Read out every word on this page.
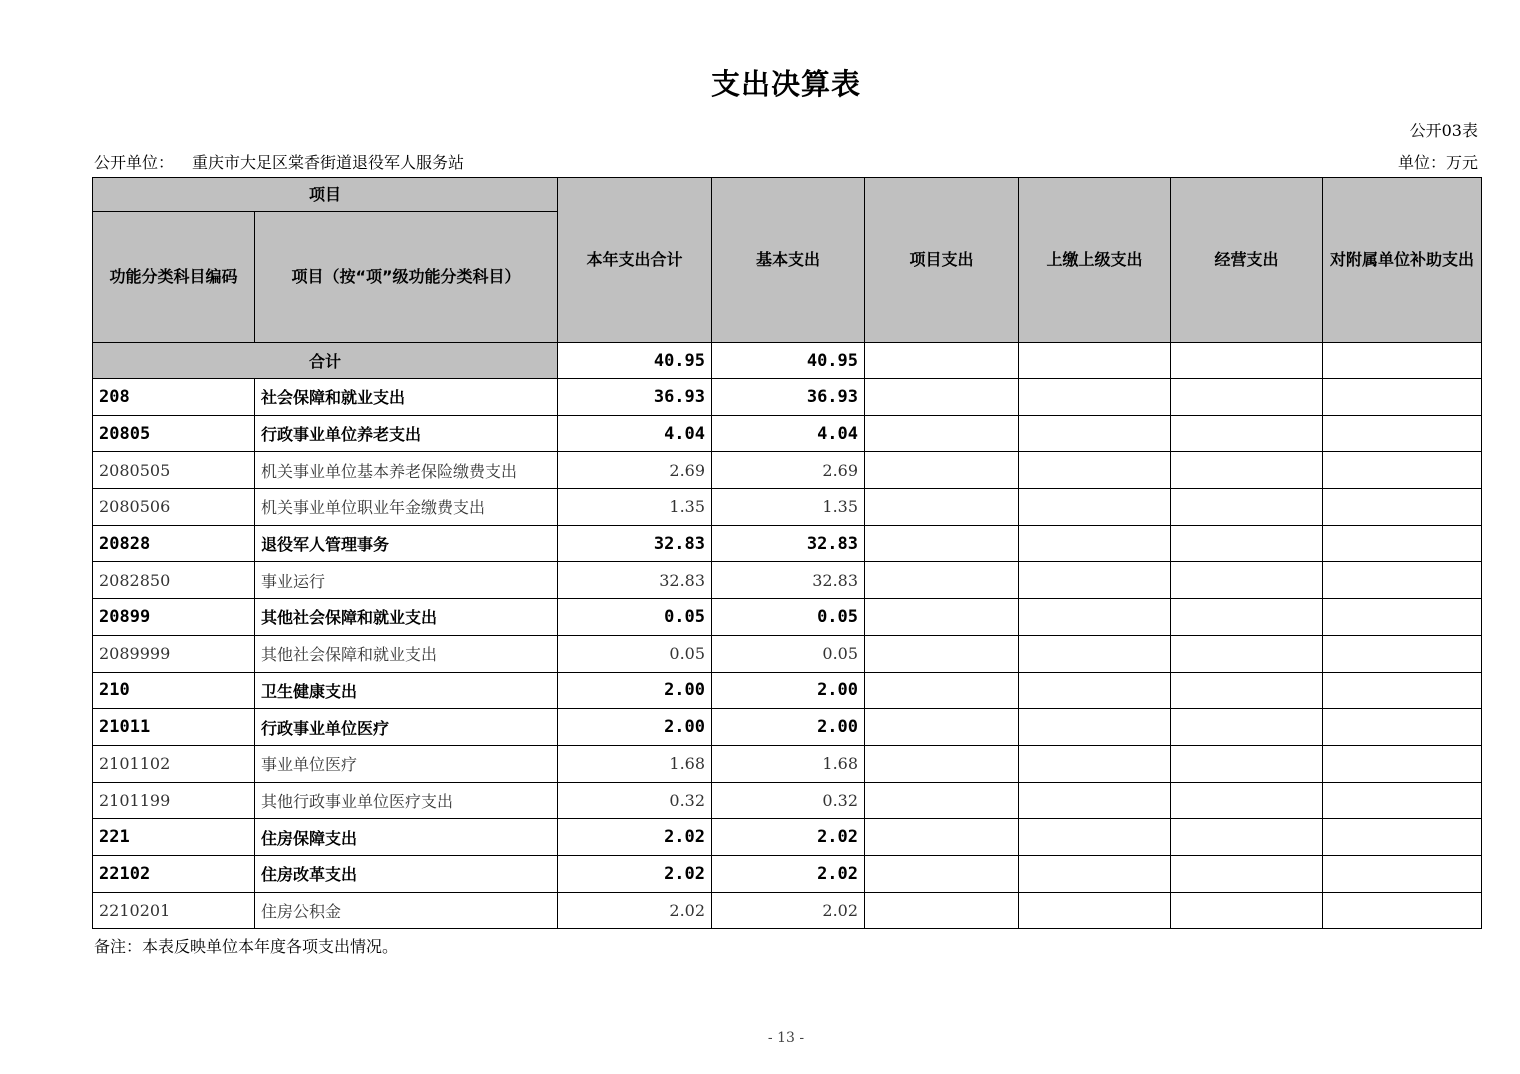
支出决算表
公开03表
公开单位： 重庆市大足区棠香街道退役军人服务站	单位：万元
项目		本年支出合计	基本支出	项目支出	上缴上级支出	经营支出	对附属单位补助支出
功能分类科目编码	项目（按“项”级功能分类科目）						
合计		40.95	40.95				
208	社会保障和就业支出	36.93	36.93				
20805	行政事业单位养老支出	4.04	4.04				
2080505	机关事业单位基本养老保险缴费支出	2.69	2.69				
2080506	机关事业单位职业年金缴费支出	1.35	1.35				
20828	退役军人管理事务	32.83	32.83				
2082850	事业运行	32.83	32.83				
20899	其他社会保障和就业支出	0.05	0.05				
2089999	其他社会保障和就业支出	0.05	0.05				
210	卫生健康支出	2.00	2.00				
21011	行政事业单位医疗	2.00	2.00				
2101102	事业单位医疗	1.68	1.68				
2101199	其他行政事业单位医疗支出	0.32	0.32				
221	住房保障支出	2.02	2.02				
22102	住房改革支出	2.02	2.02				
2210201	住房公积金	2.02	2.02				
备注：本表反映单位本年度各项支出情况。
- 13 -
